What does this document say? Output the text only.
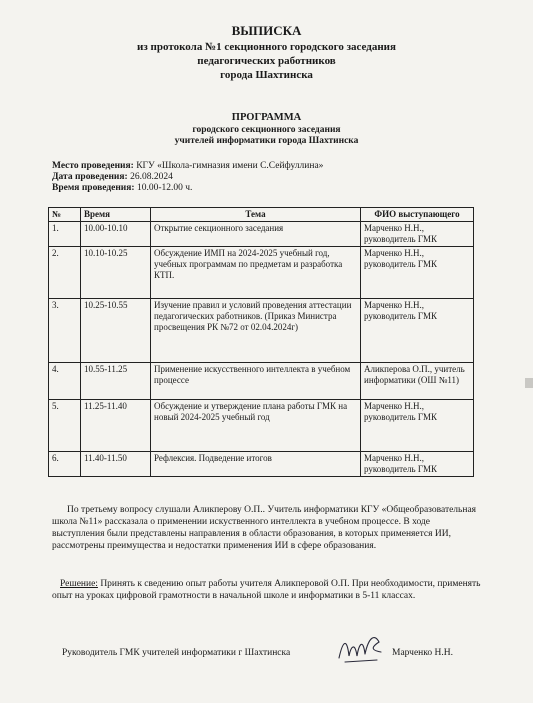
ВЫПИСКА
из протокола №1 секционного городского заседания
педагогических работников
города Шахтинска
ПРОГРАММА
городского секционного заседания
учителей информатики города Шахтинска
Место проведения: КГУ «Школа-гимназия имени С.Сейфуллина»
Дата проведения: 26.08.2024
Время проведения: 10.00-12.00 ч.
№	Время	Тема	ФИО выступающего
1.	10.00-10.10	Открытие секционного заседания	Марченко Н.Н., руководитель ГМК
2.	10.10-10.25	Обсуждение ИМП на 2024-2025 учебный год, учебных программам по предметам и разработка КТП.	Марченко Н.Н., руководитель ГМК
3.	10.25-10.55	Изучение правил и условий проведения аттестации педагогических работников. (Приказ Министра просвещения РК №72 от 02.04.2024г)	Марченко Н.Н., руководитель ГМК
4.	10.55-11.25	Применение искусственного интеллекта в учебном процессе	Аликперова О.П., учитель информатики (ОШ №11)
5.	11.25-11.40	Обсуждение и утверждение плана работы ГМК на новый 2024-2025 учебный год	Марченко Н.Н., руководитель ГМК
6.	11.40-11.50	Рефлексия. Подведение итогов	Марченко Н.Н., руководитель ГМК
По третьему вопросу слушали Аликперову О.П.. Учитель информатики КГУ «Общеобразовательная школа №11» рассказала о применении искуственного интеллекта в учебном процессе. В ходе выступления были представлены направления в области образования, в которых применяется ИИ, рассмотрены преимущества и недостатки применения ИИ в сфере образования.
Решение: Принять к сведению опыт работы учителя Аликперовой О.П. При необходимости, применять опыт на уроках цифровой грамотности в начальной школе и информатики в 5-11 классах.
Руководитель ГМК учителей информатики г Шахтинска	Марченко Н.Н.
